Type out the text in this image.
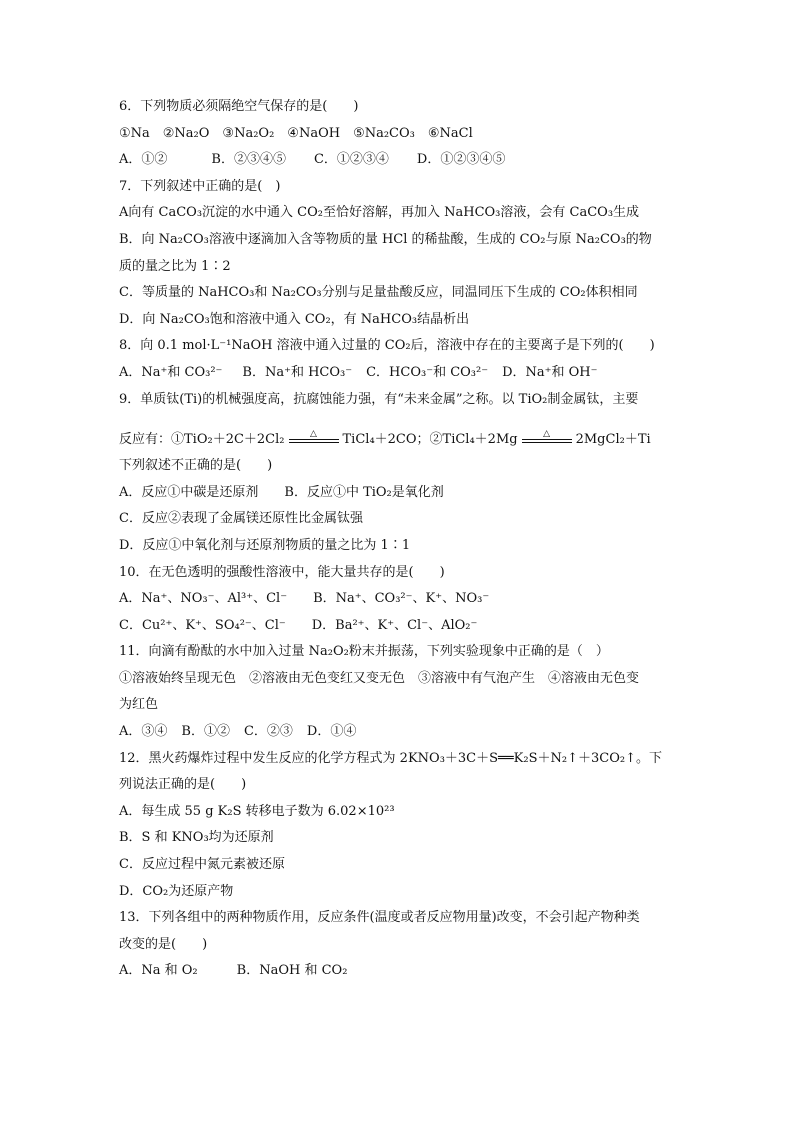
6．下列物质必须隔绝空气保存的是(　　)
①Na　②Na₂O　③Na₂O₂　④NaOH　⑤Na₂CO₃　⑥NaCl
A．①②	B．②③④⑤ C．①②③④ D．①②③④⑤
7．下列叙述中正确的是(　)
A向有 CaCO₃沉淀的水中通入 CO₂至恰好溶解，再加入 NaHCO₃溶液，会有 CaCO₃生成
B．向 Na₂CO₃溶液中逐滴加入含等物质的量 HCl 的稀盐酸，生成的 CO₂与原 Na₂CO₃的物
质的量之比为 1∶2
C．等质量的 NaHCO₃和 Na₂CO₃分别与足量盐酸反应，同温同压下生成的 CO₂体积相同
D．向 Na₂CO₃饱和溶液中通入 CO₂，有 NaHCO₃结晶析出
8．向 0.1 mol·L⁻¹NaOH 溶液中通入过量的 CO₂后，溶液中存在的主要离子是下列的(　　)
A．Na⁺和 CO₃²⁻ B．Na⁺和 HCO₃⁻ C．HCO₃⁻和 CO₃²⁻ D．Na⁺和 OH⁻
9．单质钛(Ti)的机械强度高，抗腐蚀能力强，有“未来金属”之称。以 TiO₂制金属钛，主要
反应有：①TiO₂＋2C＋2Cl₂	△ TiCl₄＋2CO；②TiCl₄＋2Mg	△ 2MgCl₂＋Ti
下列叙述不正确的是(　　)
A．反应①中碳是还原剂　　B．反应①中 TiO₂是氧化剂
C．反应②表现了金属镁还原性比金属钛强
D．反应①中氧化剂与还原剂物质的量之比为 1∶1
10．在无色透明的强酸性溶液中，能大量共存的是(　　)
A．Na⁺、NO₃⁻、Al³⁺、Cl⁻　　B．Na⁺、CO₃²⁻、K⁺、NO₃⁻
C．Cu²⁺、K⁺、SO₄²⁻、Cl⁻　　D．Ba²⁺、K⁺、Cl⁻、AlO₂⁻
11．向滴有酚酞的水中加入过量 Na₂O₂粉末并振荡，下列实验现象中正确的是（　）
①溶液始终呈现无色　②溶液由无色变红又变无色　③溶液中有气泡产生　④溶液由无色变
为红色
A．③④ B．①② C．②③ D．①④
12．黑火药爆炸过程中发生反应的化学方程式为 2KNO₃＋3C＋S══K₂S＋N₂↑＋3CO₂↑。下
列说法正确的是(　　)
A．每生成 55 g K₂S 转移电子数为 6.02×10²³
B．S 和 KNO₃均为还原剂
C．反应过程中氮元素被还原
D．CO₂为还原产物
13．下列各组中的两种物质作用，反应条件(温度或者反应物用量)改变，不会引起产物种类
改变的是(　　)
A．Na 和 O₂　　　B．NaOH 和 CO₂
